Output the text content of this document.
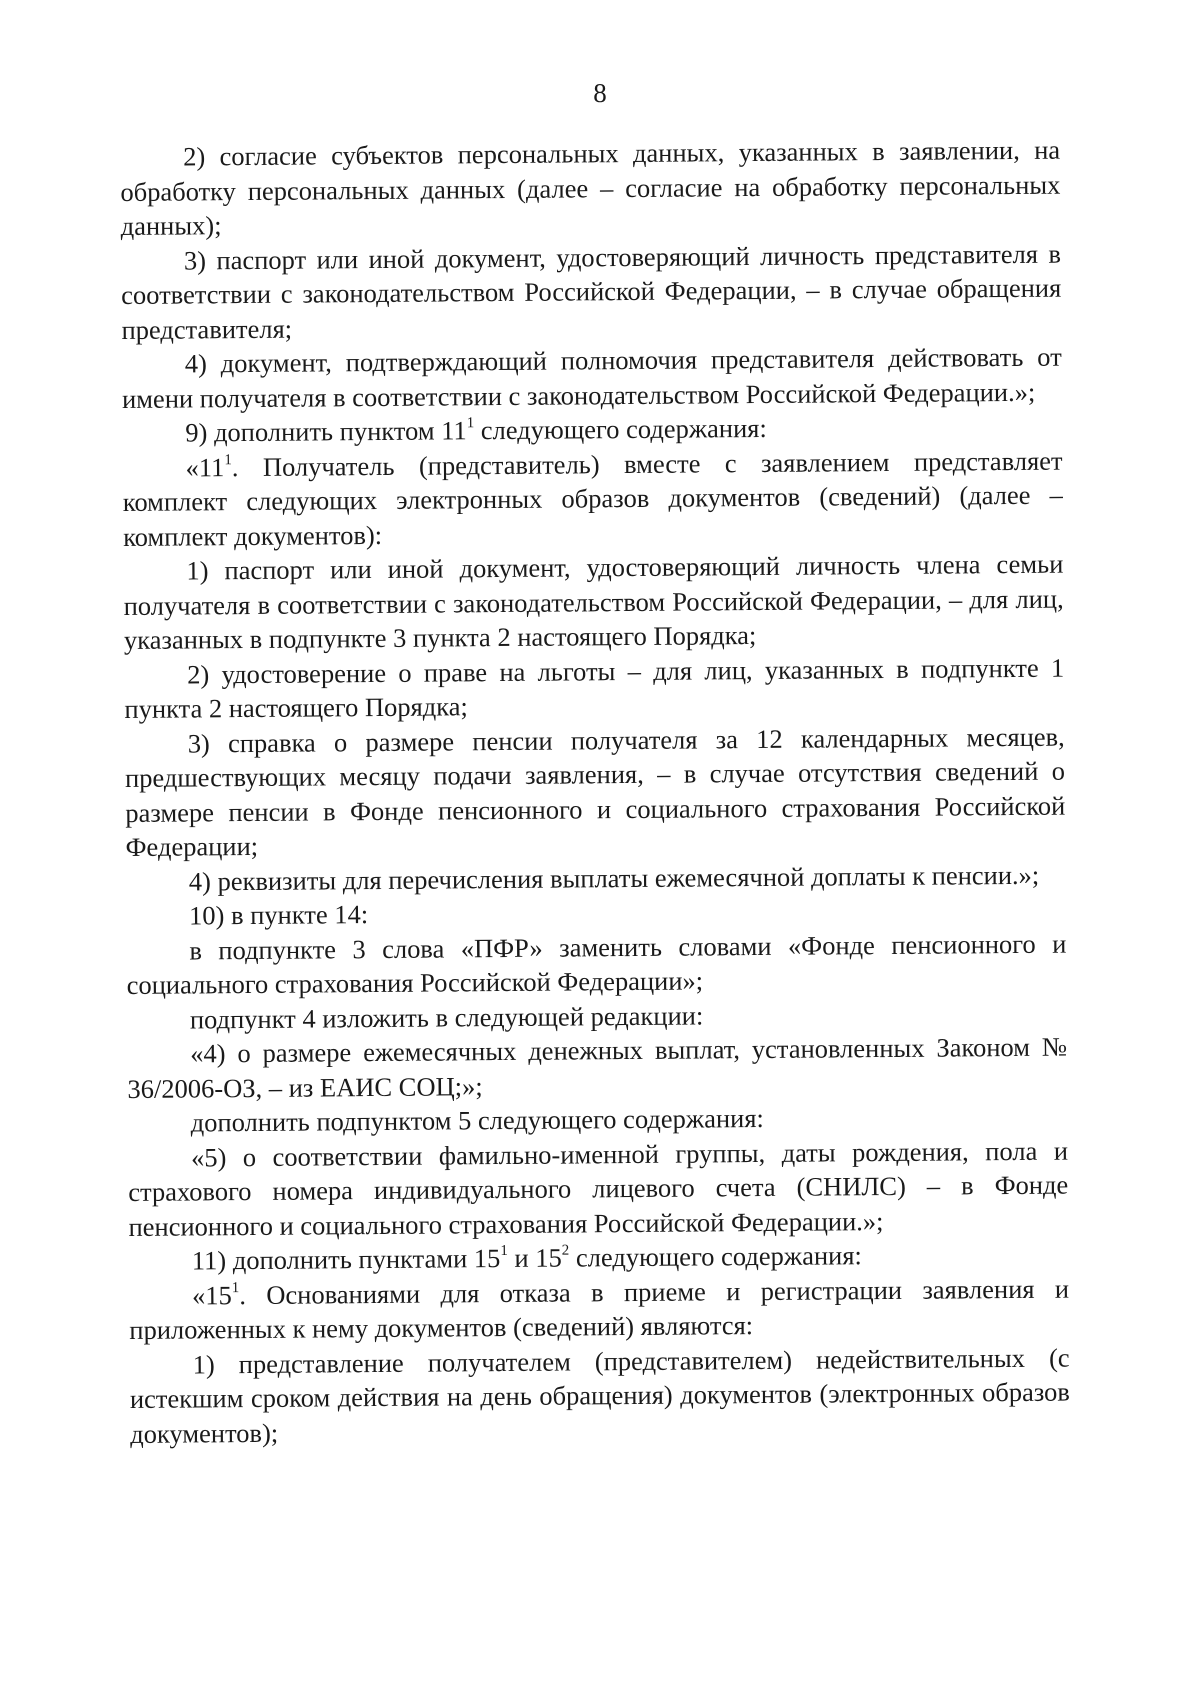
8

2) согласие субъектов персональных данных, указанных в заявлении, на обработку персональных данных (далее – согласие на обработку персональных данных);

3) паспорт или иной документ, удостоверяющий личность представителя в соответствии с законодательством Российской Федерации, – в случае обращения представителя;

4) документ, подтверждающий полномочия представителя действовать от имени получателя в соответствии с законодательством Российской Федерации.»;

9) дополнить пунктом $11^1$ следующего содержания:

«$11^1$. Получатель (представитель) вместе с заявлением представляет комплект следующих электронных образов документов (сведений) (далее – комплект документов):

1) паспорт или иной документ, удостоверяющий личность члена семьи получателя в соответствии с законодательством Российской Федерации, – для лиц, указанных в подпункте 3 пункта 2 настоящего Порядка;

2) удостоверение о праве на льготы – для лиц, указанных в подпункте 1 пункта 2 настоящего Порядка;

3) справка о размере пенсии получателя за 12 календарных месяцев, предшествующих месяцу подачи заявления, – в случае отсутствия сведений о размере пенсии в Фонде пенсионного и социального страхования Российской Федерации;

4) реквизиты для перечисления выплаты ежемесячной доплаты к пенсии.»;

10) в пункте 14:

в подпункте 3 слова «ПФР» заменить словами «Фонде пенсионного и социального страхования Российской Федерации»;

подпункт 4 изложить в следующей редакции:

«4) о размере ежемесячных денежных выплат, установленных Законом № 36/2006-ОЗ, – из ЕАИС СОЦ;»;

дополнить подпунктом 5 следующего содержания:

«5) о соответствии фамильно-именной группы, даты рождения, пола и страхового номера индивидуального лицевого счета (СНИЛС) – в Фонде пенсионного и социального страхования Российской Федерации.»;

11) дополнить пунктами $15^1$ и $15^2$ следующего содержания:

«$15^1$. Основаниями для отказа в приеме и регистрации заявления и приложенных к нему документов (сведений) являются:

1) представление получателем (представителем) недействительных (с истекшим сроком действия на день обращения) документов (электронных образов документов);
